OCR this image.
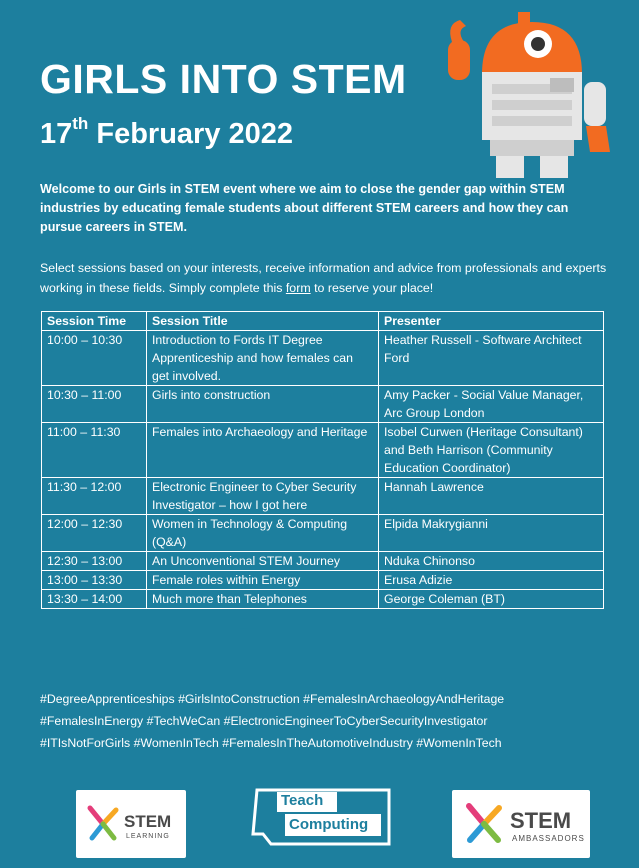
GIRLS INTO STEM
17th February 2022

Welcome to our Girls in STEM event where we aim to close the gender gap within STEM industries by educating female students about different STEM careers and how they can pursue careers in STEM.

Select sessions based on your interests, receive information and advice from professionals and experts working in these fields. Simply complete this form to reserve your place!

Session Time	Session Title	Presenter
10:00 – 10:30	Introduction to Fords IT Degree Apprenticeship and how females can get involved.	Heather Russell - Software Architect Ford
10:30 – 11:00	Girls into construction	Amy Packer - Social Value Manager, Arc Group London
11:00 – 11:30	Females into Archaeology and Heritage	Isobel Curwen (Heritage Consultant) and Beth Harrison (Community Education Coordinator)
11:30 – 12:00	Electronic Engineer to Cyber Security Investigator – how I got here	Hannah Lawrence
12:00 – 12:30	Women in Technology & Computing (Q&A)	Elpida Makrygianni
12:30 – 13:00	An Unconventional STEM Journey	Nduka Chinonso
13:00 – 13:30	Female roles within Energy	Erusa Adizie
13:30 – 14:00	Much more than Telephones	George Coleman (BT)
#DegreeApprenticeships #GirlsIntoConstruction #FemalesInArchaeologyAndHeritage
#FemalesInEnergy #TechWeCan #ElectronicEngineerToCyberSecurityInvestigator
#ITIsNotForGirls #WomenInTech #FemalesInTheAutomotiveIndustry #WomenInTech
STEM
LEARNING
Teach
Computing	STEM
AMBASSADORS
